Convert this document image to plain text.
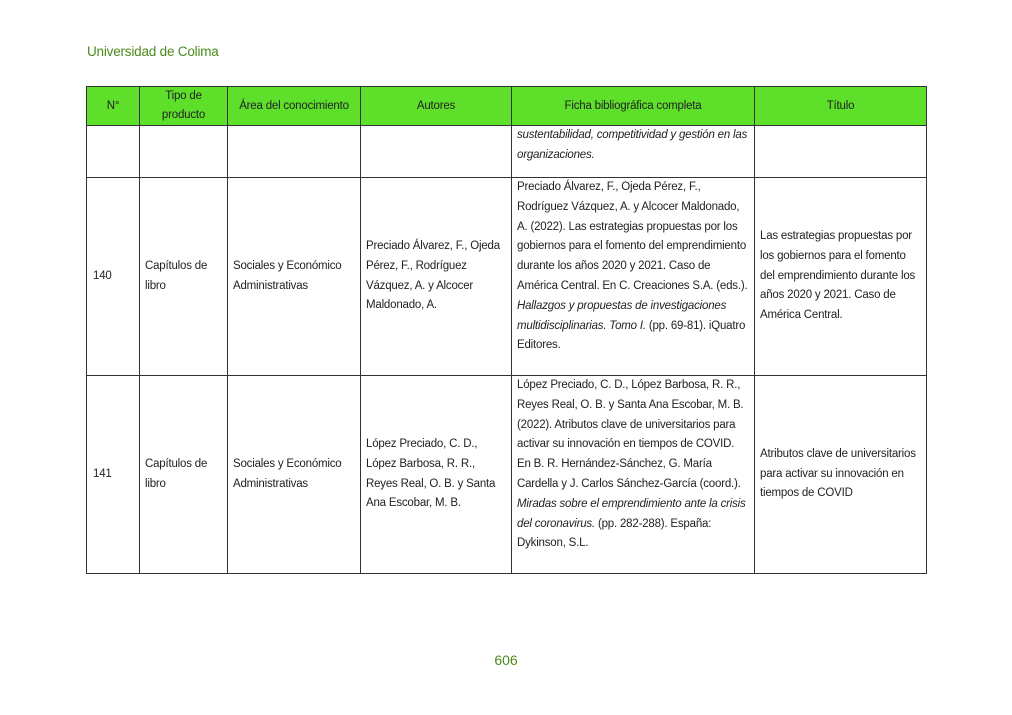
Universidad de Colima
N°	Tipo de producto	Área del conocimiento	Autores	Ficha bibliográfica completa	Título
				sustentabilidad, competitividad y gestión en las organizaciones.	
140	Capítulos de libro	Sociales y Económico Administrativas	Preciado Álvarez, F., Ojeda Pérez, F., Rodríguez Vázquez, A. y Alcocer Maldonado, A.	Preciado Álvarez, F., Ojeda Pérez, F., Rodríguez Vázquez, A. y Alcocer Maldonado, A. (2022). Las estrategias propuestas por los gobiernos para el fomento del emprendimiento durante los años 2020 y 2021. Caso de América Central. En C. Creaciones S.A. (eds.). Hallazgos y propuestas de investigaciones multidisciplinarias. Tomo I. (pp. 69-81). iQuatro Editores.	Las estrategias propuestas por los gobiernos para el fomento del emprendimiento durante los años 2020 y 2021. Caso de América Central.
141	Capítulos de libro	Sociales y Económico Administrativas	López Preciado, C. D., López Barbosa, R. R., Reyes Real, O. B. y Santa Ana Escobar, M. B.	López Preciado, C. D., López Barbosa, R. R., Reyes Real, O. B. y Santa Ana Escobar, M. B. (2022). Atributos clave de universitarios para activar su innovación en tiempos de COVID. En B. R. Hernández-Sánchez, G. María Cardella y J. Carlos Sánchez-García (coord.). Miradas sobre el emprendimiento ante la crisis del coronavirus. (pp. 282-288). España: Dykinson, S.L.	Atributos clave de universitarios para activar su innovación en tiempos de COVID
606
